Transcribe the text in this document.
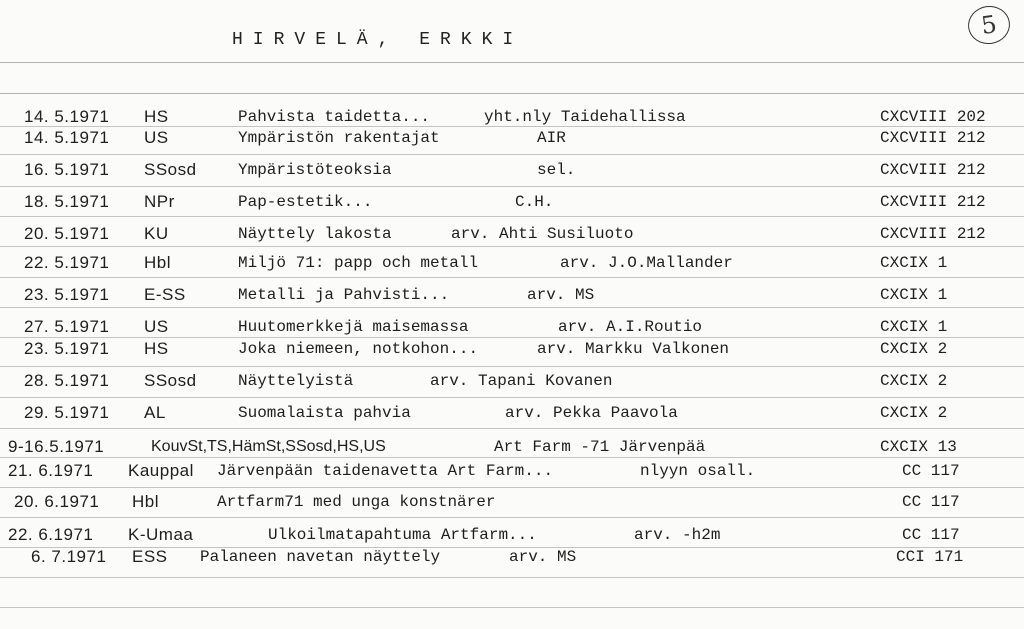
HIRVELÄ, ERKKI
5
14. 5.1971 HS	Pahvista taidetta...	yht.nly Taidehallissa	CXCVIII 202
14. 5.1971 US	Ympäristön rakentajat	AIR	CXCVIII 212
16. 5.1971 SSosd	Ympäristöteoksia	sel.	CXCVIII 212
18. 5.1971 NPr	Pap-estetik...	C.H.	CXCVIII 212
20. 5.1971 KU	Näyttely lakosta	arv. Ahti Susiluoto	CXCVIII 212
22. 5.1971 Hbl	Miljö 71: papp och metall	arv. J.O.Mallander	CXCIX 1
23. 5.1971 E-SS	Metalli ja Pahvisti...	arv. MS	CXCIX 1
27. 5.1971 US	Huutomerkkejä maisemassa	arv. A.I.Routio	CXCIX 1
23. 5.1971 HS	Joka niemeen, notkohon...	arv. Markku Valkonen	CXCIX 2
28. 5.1971 SSosd	Näyttelyistä	arv. Tapani Kovanen	CXCIX 2
29. 5.1971 AL	Suomalaista pahvia	arv. Pekka Paavola	CXCIX 2
9-16.5.1971	KouvSt,TS,HämSt,SSosd,HS,US	Art Farm -71 Järvenpää	CXCIX 13
21. 6.1971 Kauppal Järvenpään taidenavetta Art Farm...	nlyyn osall.	CC 117
20. 6.1971 Hbl	Artfarm71 med unga konstnärer	CC 117
22. 6.1971 K-Umaa	Ulkoilmatapahtuma Artfarm...	arv. -h2m	CC 117
6. 7.1971 ESS Palaneen navetan näyttely	arv. MS	CCI 171
